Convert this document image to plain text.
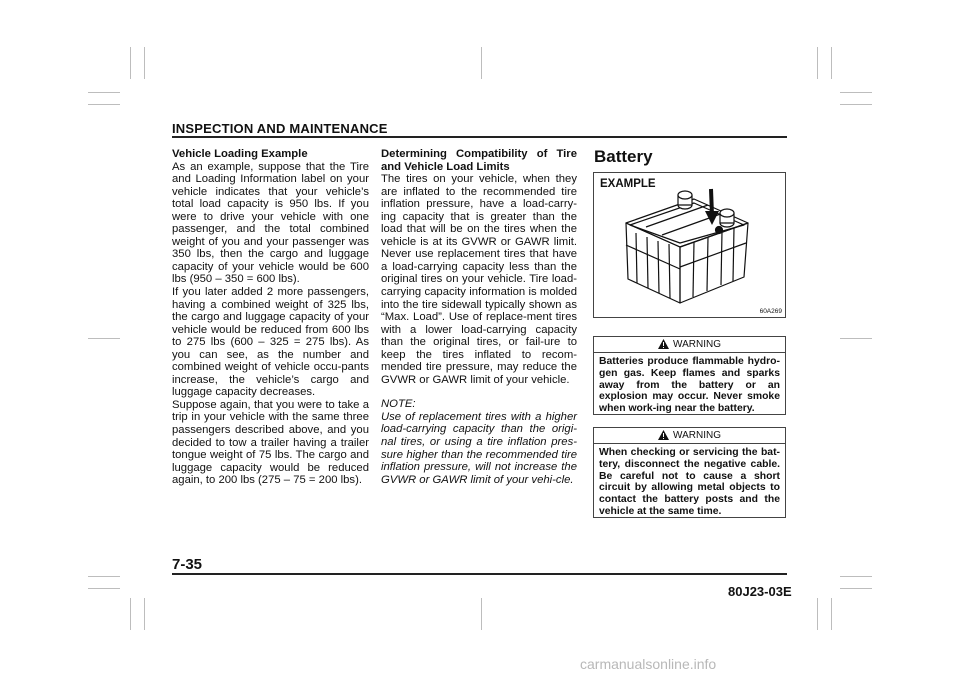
INSPECTION AND MAINTENANCE

Vehicle Loading Example

As an example, suppose that the Tire and Loading Information label on your vehicle indicates that your vehicle’s total load capacity is 950 lbs. If you were to drive your vehicle with one passenger, and the total combined weight of you and your passenger was 350 lbs, then the cargo and luggage capacity of your vehicle would be 600 lbs (950 – 350 = 600 lbs).

If you later added 2 more passengers, having a combined weight of 325 lbs, the cargo and luggage capacity of your vehicle would be reduced from 600 lbs to 275 lbs (600 – 325 = 275 lbs). As you can see, as the number and combined weight of vehicle occu-pants increase, the vehicle’s cargo and luggage capacity decreases.

Suppose again, that you were to take a trip in your vehicle with the same three passengers described above, and you decided to tow a trailer having a trailer tongue weight of 75 lbs. The cargo and luggage capacity would be reduced again, to 200 lbs (275 – 75 = 200 lbs).

Determining Compatibility of Tire and Vehicle Load Limits

The tires on your vehicle, when they are inflated to the recommended tire inflation pressure, have a load-carry-ing capacity that is greater than the load that will be on the tires when the vehicle is at its GVWR or GAWR limit. Never use replacement tires that have a load-carrying capacity less than the original tires on your vehicle. Tire load-carrying capacity information is molded into the tire sidewall typically shown as “Max. Load”. Use of replace-ment tires with a lower load-carrying capacity than the original tires, or fail-ure to keep the tires inflated to recom-mended tire pressure, may reduce the GVWR or GAWR limit of your vehicle.

NOTE:

Use of replacement tires with a higher load-carrying capacity than the origi-nal tires, or using a tire inflation pres-sure higher than the recommended tire inflation pressure, will not increase the GVWR or GAWR limit of your vehi-cle.

Battery
EXAMPLE
60A269
WARNING
Batteries produce flammable hydro-gen gas. Keep flames and sparks away from the battery or an explosion may occur. Never smoke when work-ing near the battery.
WARNING
When checking or servicing the bat-tery, disconnect the negative cable. Be careful not to cause a short circuit by allowing metal objects to contact the battery posts and the vehicle at the same time.
7-35
80J23-03E
carmanualsonline.info
